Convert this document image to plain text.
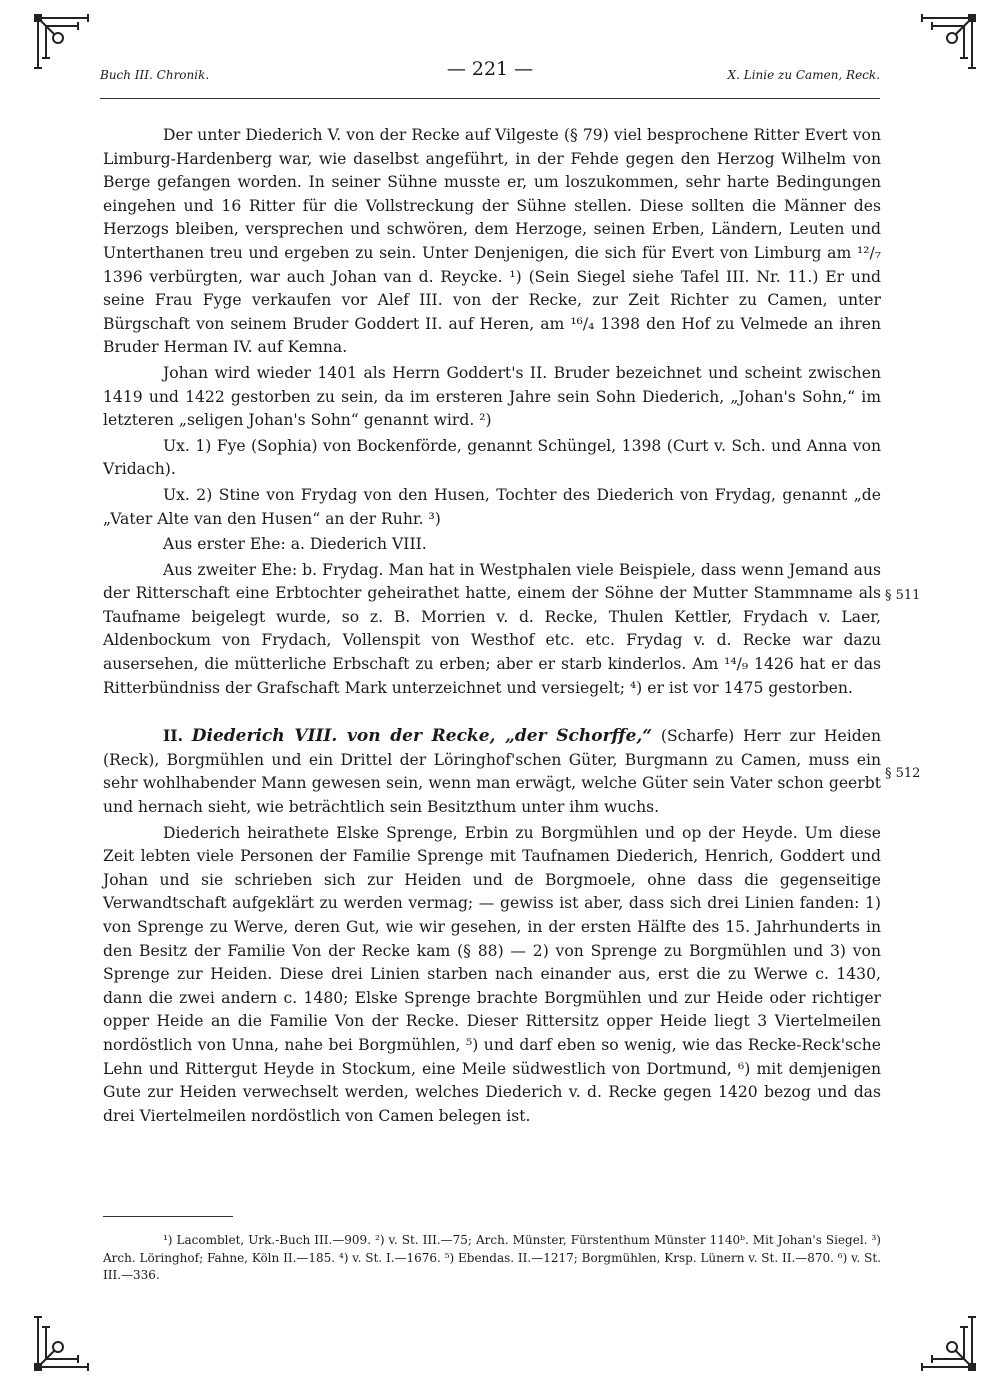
Buch III. Chronik.	— 221 —	X. Linie zu Camen, Reck.

Der unter Diederich V. von der Recke auf Vilgeste (§ 79) viel besprochene Ritter Evert von Limburg-Hardenberg war, wie daselbst angeführt, in der Fehde gegen den Herzog Wilhelm von Berge gefangen worden. In seiner Sühne musste er, um loszukommen, sehr harte Bedingungen eingehen und 16 Ritter für die Vollstreckung der Sühne stellen. Diese sollten die Männer des Herzogs bleiben, versprechen und schwören, dem Herzoge, seinen Erben, Ländern, Leuten und Unterthanen treu und ergeben zu sein. Unter Denjenigen, die sich für Evert von Limburg am ¹²/₇ 1396 verbürgten, war auch Johan van d. Reycke. ¹) (Sein Siegel siehe Tafel III. Nr. 11.) Er und seine Frau Fyge verkaufen vor Alef III. von der Recke, zur Zeit Richter zu Camen, unter Bürgschaft von seinem Bruder Goddert II. auf Heren, am ¹⁶/₄ 1398 den Hof zu Velmede an ihren Bruder Herman IV. auf Kemna.

Johan wird wieder 1401 als Herrn Goddert's II. Bruder bezeichnet und scheint zwischen 1419 und 1422 gestorben zu sein, da im ersteren Jahre sein Sohn Diederich, „Johan's Sohn,“ im letzteren „seligen Johan's Sohn“ genannt wird. ²)

Ux. 1) Fye (Sophia) von Bockenförde, genannt Schüngel, 1398 (Curt v. Sch. und Anna von Vridach).

Ux. 2) Stine von Frydag von den Husen, Tochter des Diederich von Frydag, genannt „de „Vater Alte van den Husen“ an der Ruhr. ³)

Aus erster Ehe: a. Diederich VIII.

Aus zweiter Ehe: b. Frydag. Man hat in Westphalen viele Beispiele, dass wenn Jemand aus der Ritterschaft eine Erbtochter geheirathet hatte, einem der Söhne der Mutter Stammname als Taufname beigelegt wurde, so z. B. Morrien v. d. Recke, Thulen Kettler, Frydach v. Laer, Aldenbockum von Frydach, Vollenspit von Westhof etc. etc. Frydag v. d. Recke war dazu ausersehen, die mütterliche Erbschaft zu erben; aber er starb kinderlos. Am ¹⁴/₉ 1426 hat er das Ritterbündniss der Grafschaft Mark unterzeichnet und versiegelt; ⁴) er ist vor 1475 gestorben.

II. Diederich VIII. von der Recke, „der Schorffe,“ (Scharfe) Herr zur Heiden (Reck), Borgmühlen und ein Drittel der Löringhof'schen Güter, Burgmann zu Camen, muss ein sehr wohlhabender Mann gewesen sein, wenn man erwägt, welche Güter sein Vater schon geerbt und hernach sieht, wie beträchtlich sein Besitzthum unter ihm wuchs.

Diederich heirathete Elske Sprenge, Erbin zu Borgmühlen und op der Heyde. Um diese Zeit lebten viele Personen der Familie Sprenge mit Taufnamen Diederich, Henrich, Goddert und Johan und sie schrieben sich zur Heiden und de Borgmoele, ohne dass die gegenseitige Verwandtschaft aufgeklärt zu werden vermag; — gewiss ist aber, dass sich drei Linien fanden: 1) von Sprenge zu Werve, deren Gut, wie wir gesehen, in der ersten Hälfte des 15. Jahrhunderts in den Besitz der Familie Von der Recke kam (§ 88) — 2) von Sprenge zu Borgmühlen und 3) von Sprenge zur Heiden. Diese drei Linien starben nach einander aus, erst die zu Werwe c. 1430, dann die zwei andern c. 1480; Elske Sprenge brachte Borgmühlen und zur Heide oder richtiger opper Heide an die Familie Von der Recke. Dieser Rittersitz opper Heide liegt 3 Viertelmeilen nordöstlich von Unna, nahe bei Borgmühlen, ⁵) und darf eben so wenig, wie das Recke-Reck'sche Lehn und Rittergut Heyde in Stockum, eine Meile südwestlich von Dortmund, ⁶) mit demjenigen Gute zur Heiden verwechselt werden, welches Diederich v. d. Recke gegen 1420 bezog und das drei Viertelmeilen nordöstlich von Camen belegen ist.

§ 511
§ 512
¹) Lacomblet, Urk.-Buch III.—909. ²) v. St. III.—75; Arch. Münster, Fürstenthum Münster 1140ᵇ. Mit Johan's Siegel. ³) Arch. Löringhof; Fahne, Köln II.—185. ⁴) v. St. I.—1676. ⁵) Ebendas. II.—1217; Borgmühlen, Krsp. Lünern v. St. II.—870. ⁶) v. St. III.—336.
